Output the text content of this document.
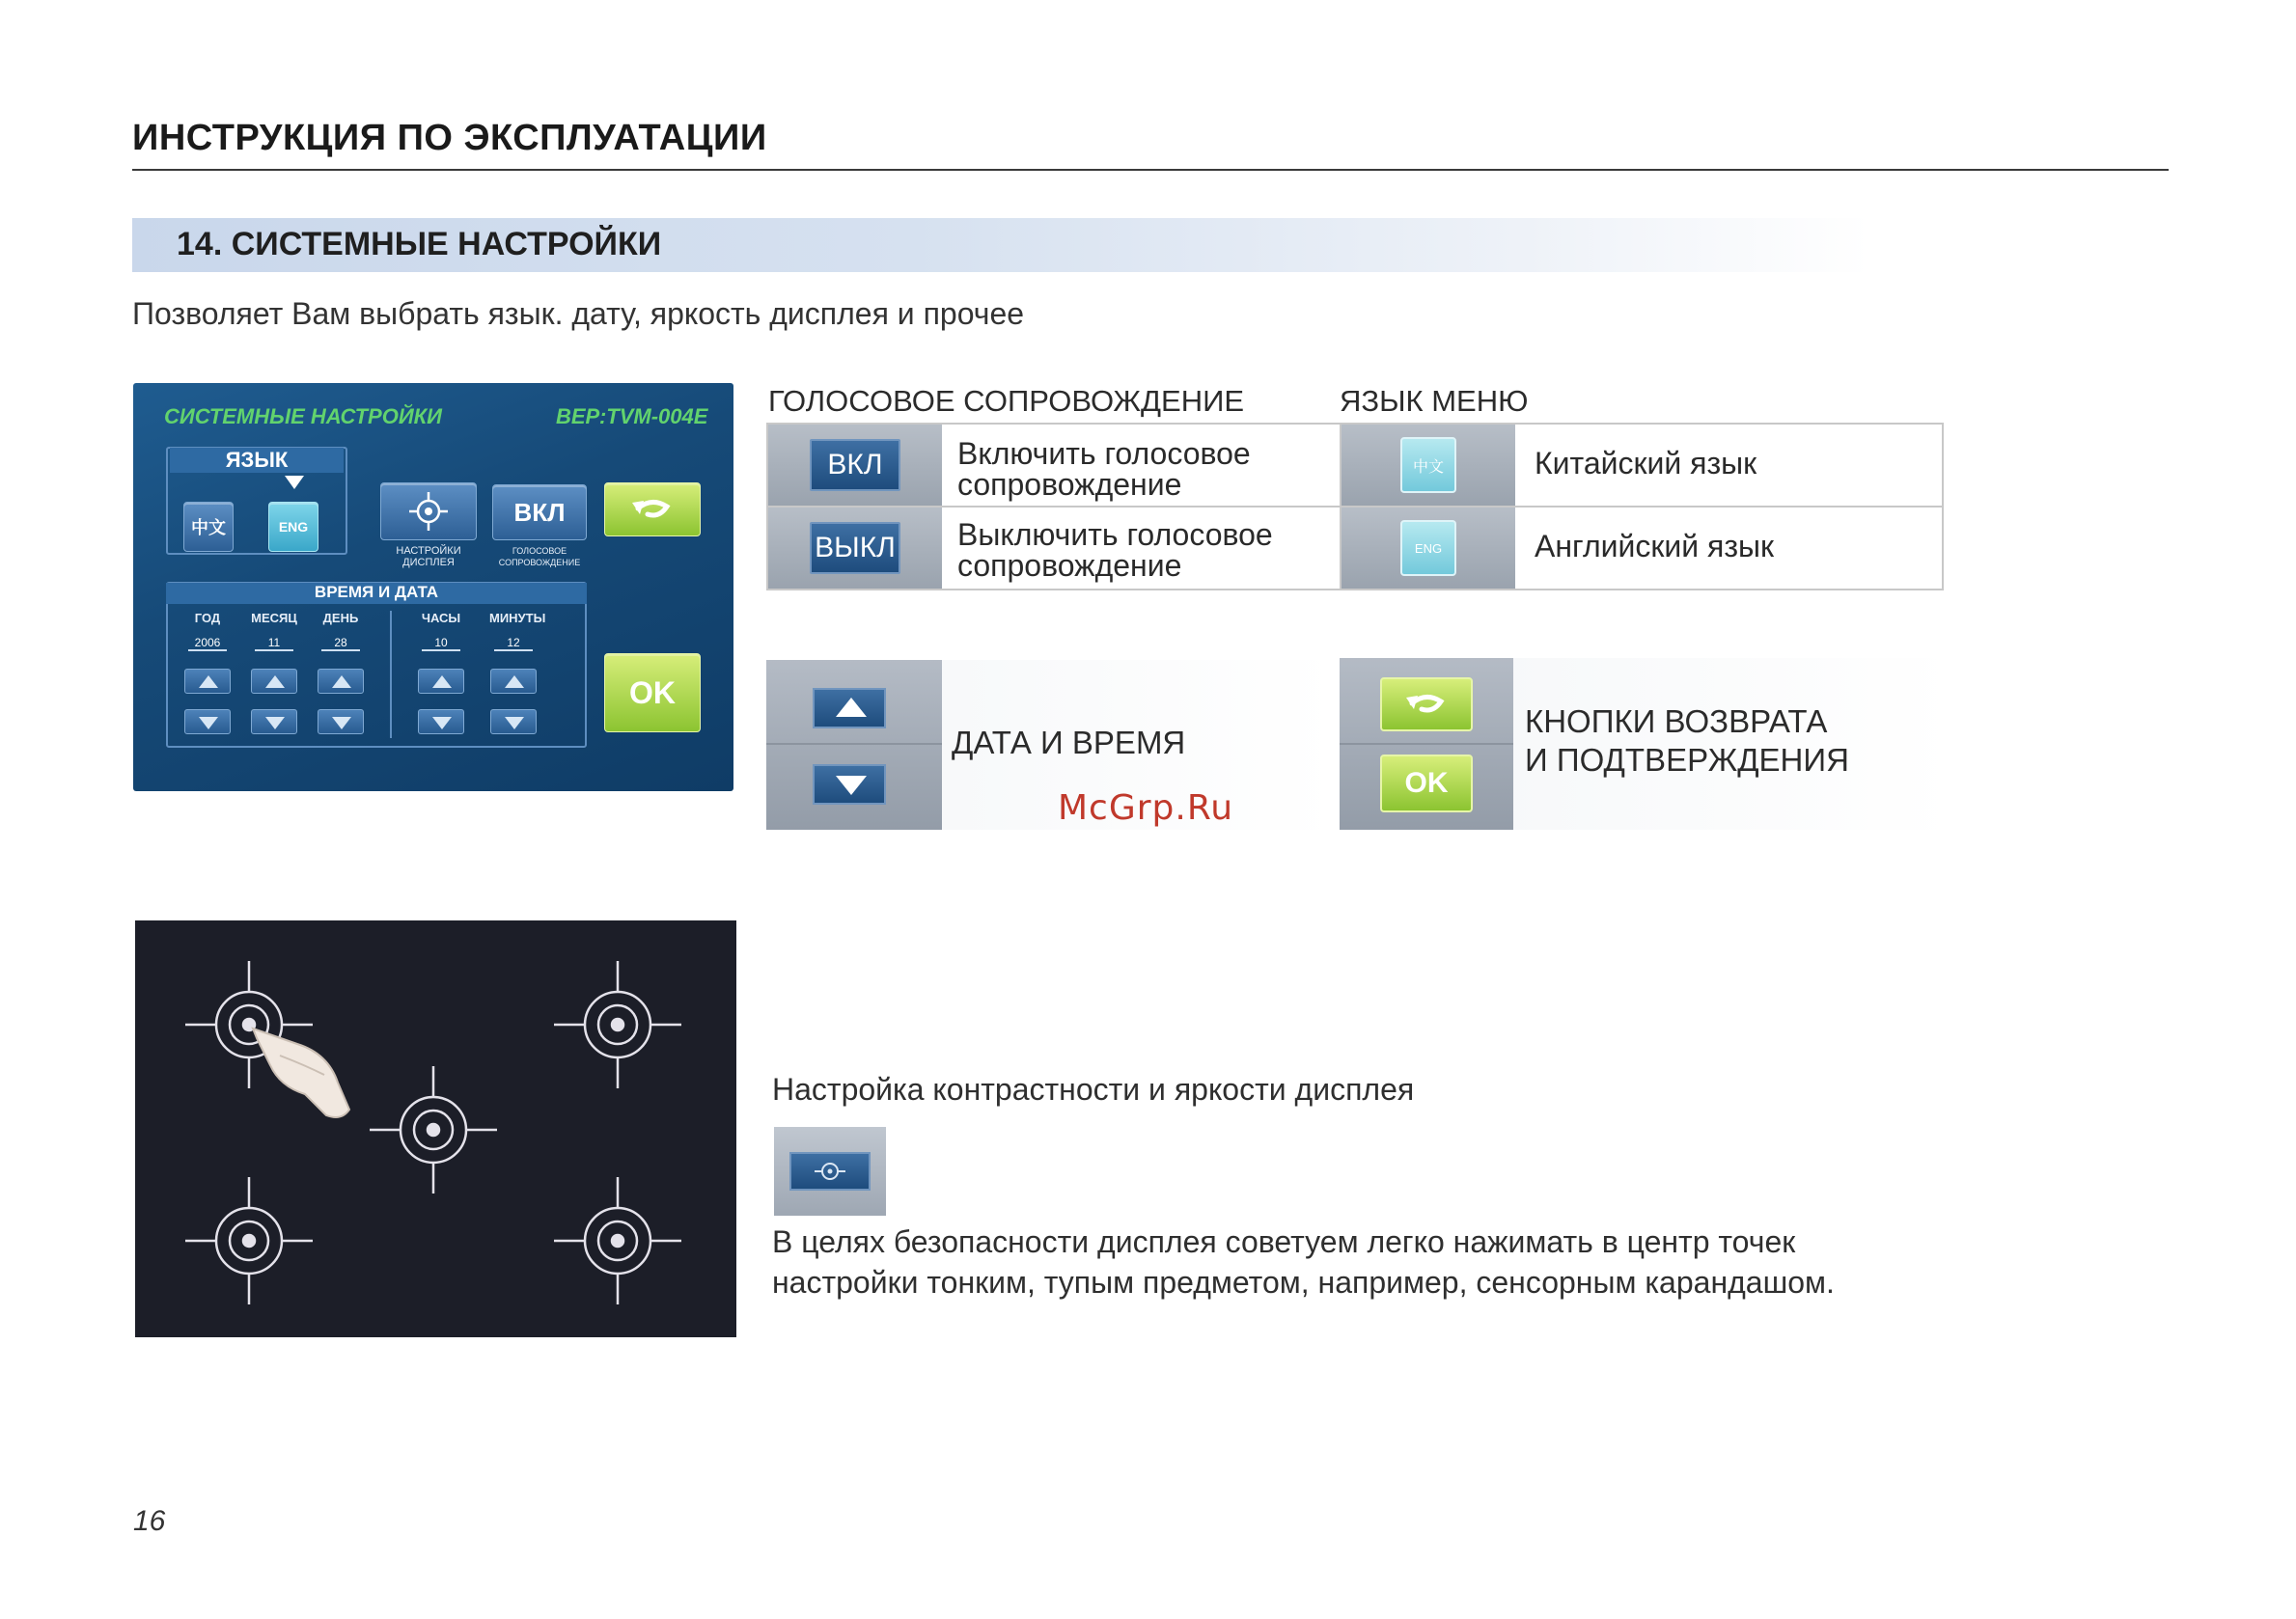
ИНСТРУКЦИЯ ПО ЭКСПЛУАТАЦИИ
14. СИСТЕМНЫЕ НАСТРОЙКИ
Позволяет Вам выбрать язык. дату, яркость дисплея и прочее
СИСТЕМНЫЕ НАСТРОЙКИ	ВЕР:TVM-004E
ЯЗЫК
中文	ENG
НАСТРОЙКИ ДИСПЛЕЯ
ВКЛ
ГОЛОСОВОЕ СОПРОВОЖДЕНИЕ
ВРЕМЯ И ДАТА
ГОД	МЕСЯЦ	ДЕНЬ	ЧАСЫ	МИНУТЫ
2006	11	28	10	12
OK
ГОЛОСОВОЕ СОПРОВОЖДЕНИЕ
ВКЛ	Включить голосовое
сопровождение
ВЫКЛ Выключить голосовое
сопровождение
ЯЗЫК МЕНЮ
中文	Китайский язык
ENG	Английский язык
ДАТА И ВРЕМЯ
OK
КНОПКИ ВОЗВРАТА
И ПОДТВЕРЖДЕНИЯ
McGrp.Ru
Настройка контрастности и яркости дисплея
В целях безопасности дисплея советуем легко нажимать в центр точек
настройки тонким, тупым предметом, например, сенсорным карандашом.
16
